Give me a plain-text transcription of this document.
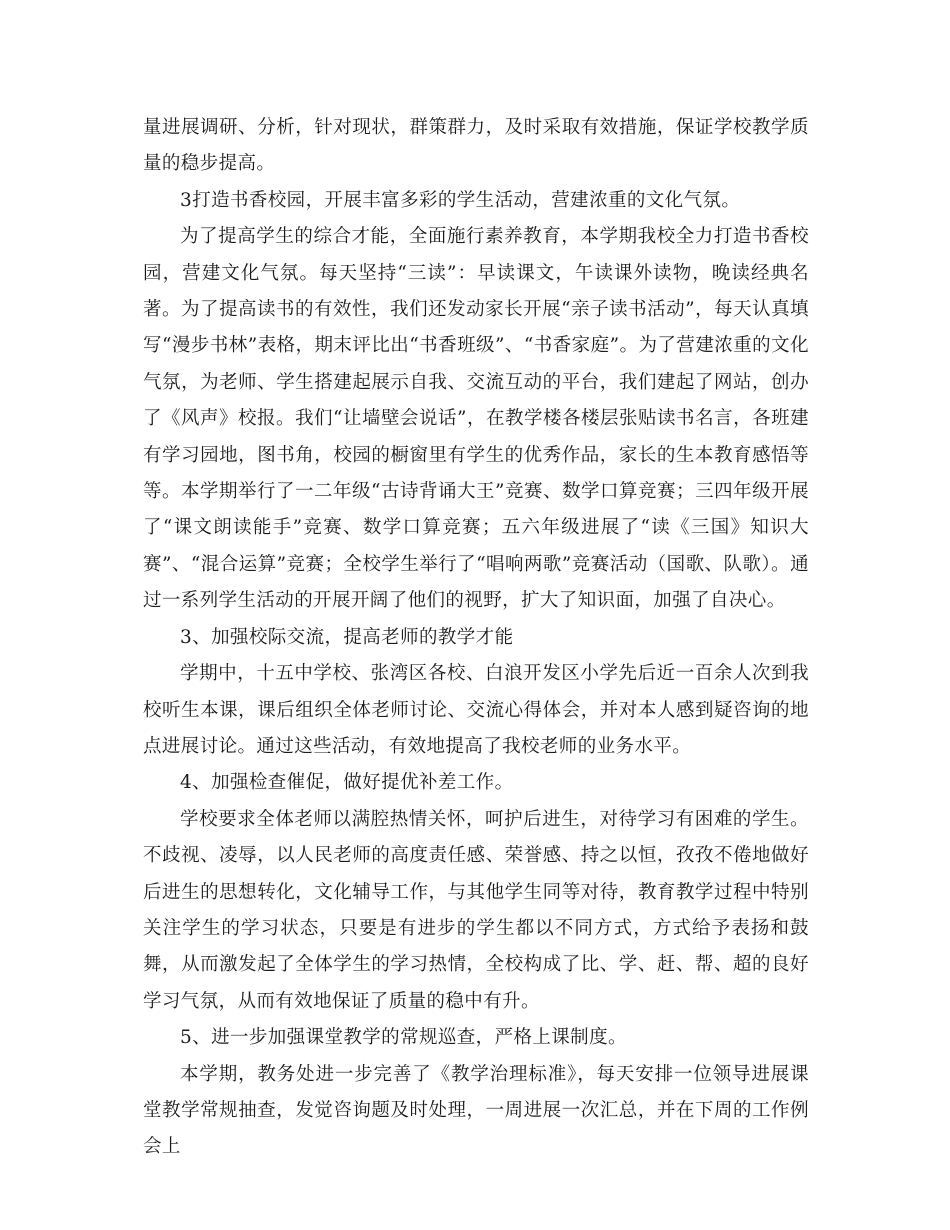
量进展调研、分析，针对现状，群策群力，及时采取有效措施，保证学校教学质量的稳步提高。

3打造书香校园，开展丰富多彩的学生活动，营建浓重的文化气氛。

为了提高学生的综合才能，全面施行素养教育，本学期我校全力打造书香校园，营建文化气氛。每天坚持“三读”：早读课文，午读课外读物，晚读经典名著。为了提高读书的有效性，我们还发动家长开展“亲子读书活动”，每天认真填写“漫步书林”表格，期末评比出“书香班级”、“书香家庭”。为了营建浓重的文化气氛，为老师、学生搭建起展示自我、交流互动的平台，我们建起了网站，创办了《风声》校报。我们“让墙壁会说话”，在教学楼各楼层张贴读书名言，各班建有学习园地，图书角，校园的橱窗里有学生的优秀作品，家长的生本教育感悟等等。本学期举行了一二年级“古诗背诵大王”竞赛、数学口算竞赛；三四年级开展了“课文朗读能手”竞赛、数学口算竞赛；五六年级进展了“读《三国》知识大赛”、“混合运算”竞赛；全校学生举行了“唱响两歌”竞赛活动（国歌、队歌）。通过一系列学生活动的开展开阔了他们的视野，扩大了知识面，加强了自决心。

3、加强校际交流，提高老师的教学才能

学期中，十五中学校、张湾区各校、白浪开发区小学先后近一百余人次到我校听生本课，课后组织全体老师讨论、交流心得体会，并对本人感到疑咨询的地点进展讨论。通过这些活动，有效地提高了我校老师的业务水平。

4、加强检查催促，做好提优补差工作。

学校要求全体老师以满腔热情关怀，呵护后进生，对待学习有困难的学生。不歧视、凌辱，以人民老师的高度责任感、荣誉感、持之以恒，孜孜不倦地做好后进生的思想转化，文化辅导工作，与其他学生同等对待，教育教学过程中特别关注学生的学习状态，只要是有进步的学生都以不同方式，方式给予表扬和鼓舞，从而激发起了全体学生的学习热情，全校构成了比、学、赶、帮、超的良好学习气氛，从而有效地保证了质量的稳中有升。

5、进一步加强课堂教学的常规巡查，严格上课制度。

本学期，教务处进一步完善了《教学治理标准》，每天安排一位领导进展课堂教学常规抽查，发觉咨询题及时处理，一周进展一次汇总，并在下周的工作例会上
